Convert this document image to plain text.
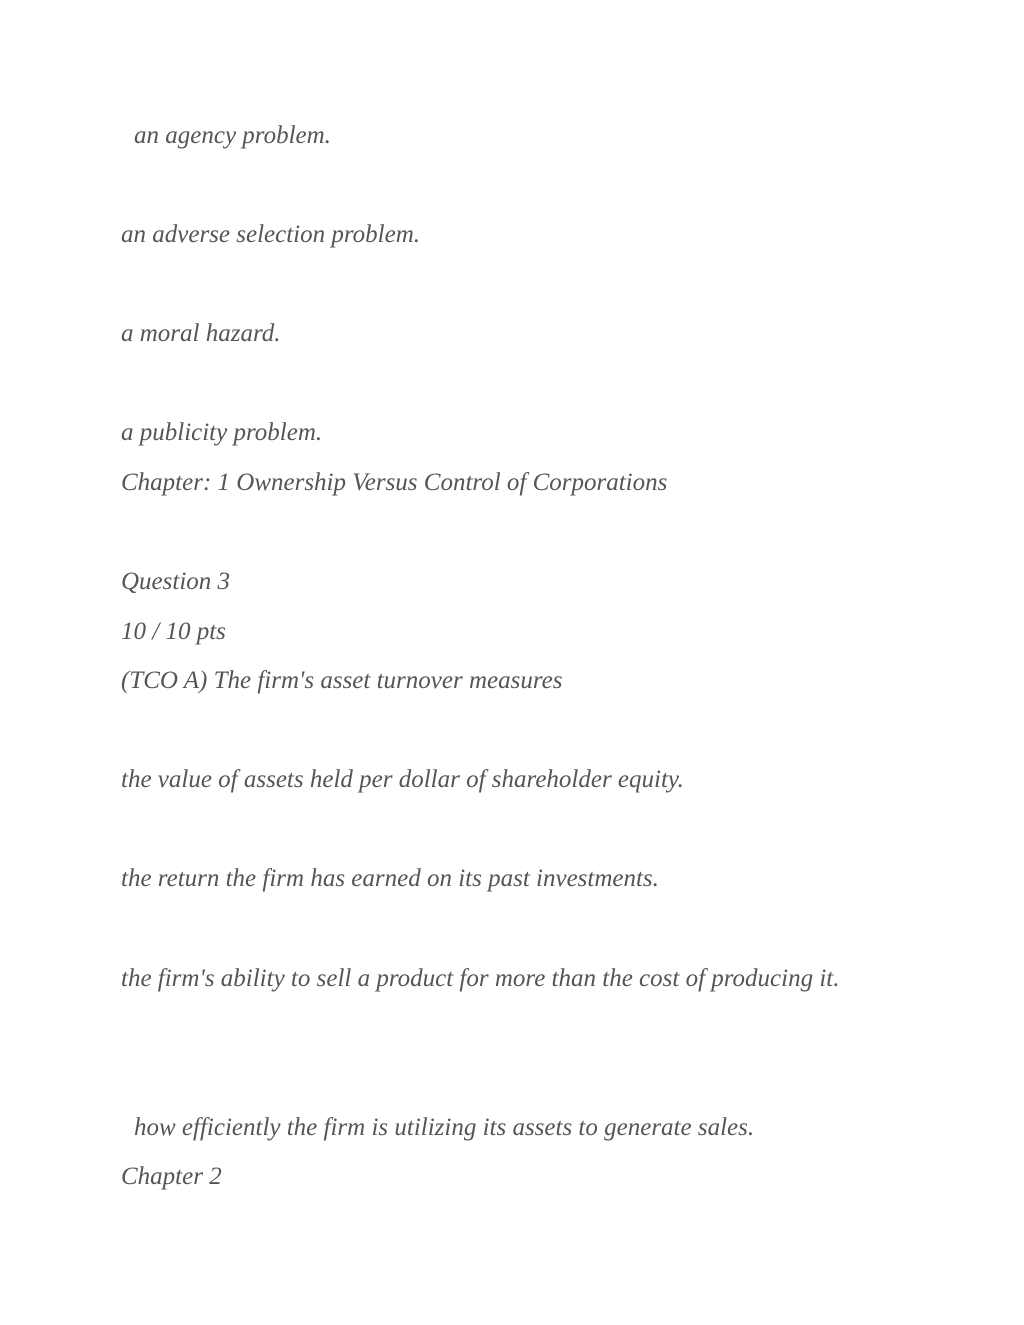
an agency problem.
an adverse selection problem.
a moral hazard.
a publicity problem.
Chapter: 1 Ownership Versus Control of Corporations
Question 3
10 / 10 pts
(TCO A) The firm's asset turnover measures
the value of assets held per dollar of shareholder equity.
the return the firm has earned on its past investments.
the firm's ability to sell a product for more than the cost of producing it.
how efficiently the firm is utilizing its assets to generate sales.
Chapter 2
